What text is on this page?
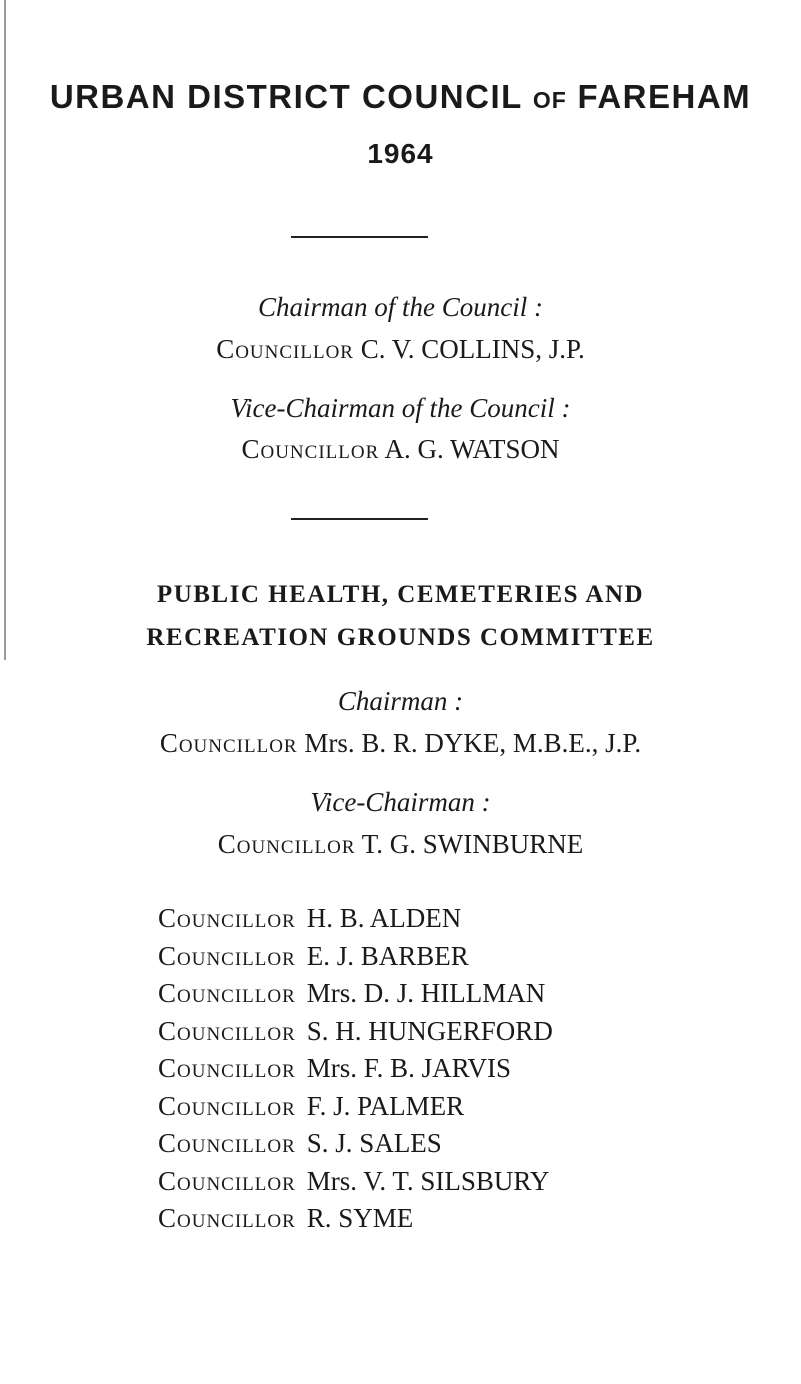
URBAN DISTRICT COUNCIL OF FAREHAM
1964
Chairman of the Council :
Councillor C. V. COLLINS, J.P.
Vice-Chairman of the Council :
Councillor A. G. WATSON
PUBLIC HEALTH, CEMETERIES AND
RECREATION GROUNDS COMMITTEE
Chairman :
Councillor Mrs. B. R. DYKE, M.B.E., J.P.
Vice-Chairman :
Councillor T. G. SWINBURNE
Councillor H. B. ALDEN
Councillor E. J. BARBER
Councillor Mrs. D. J. HILLMAN
Councillor S. H. HUNGERFORD
Councillor Mrs. F. B. JARVIS
Councillor F. J. PALMER
Councillor S. J. SALES
Councillor Mrs. V. T. SILSBURY
Councillor R. SYME
